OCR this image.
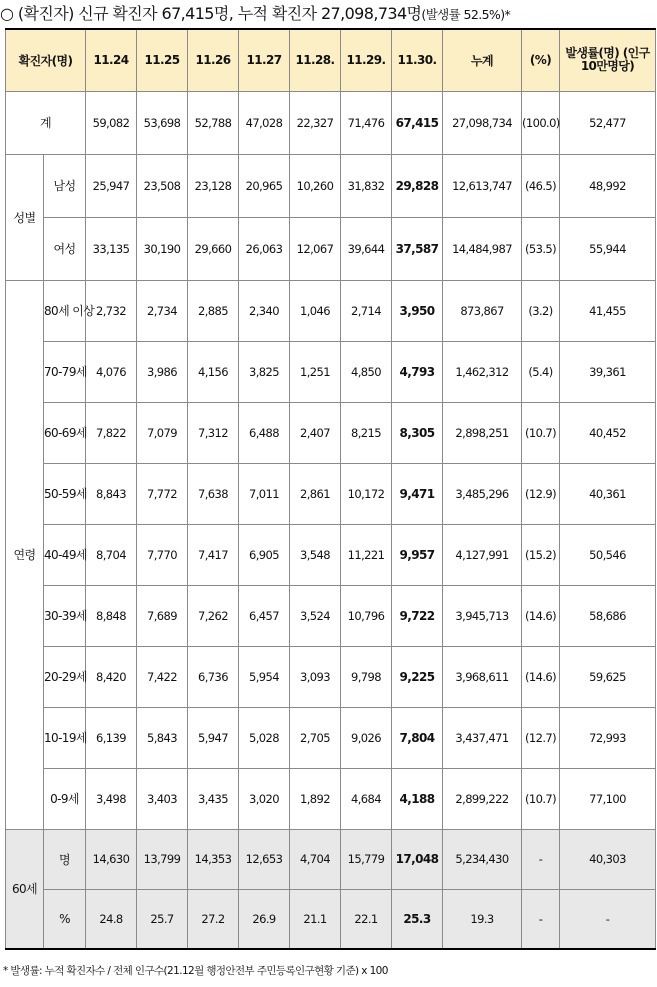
○ (확진자) 신규 확진자 67,415명, 누적 확진자 27,098,734명(발생률 52.5%)*
확진자(명)		11.24	11.25	11.26	11.27	11.28.	11.29.	11.30.	누계	(%)	발생률(명) (인구 10만명당)
계		59,082	53,698	52,788	47,028	22,327	71,476	67,415	27,098,734	(100.0)	52,477
성별	남성	25,947	23,508	23,128	20,965	10,260	31,832	29,828	12,613,747	(46.5)	48,992
	여성	33,135	30,190	29,660	26,063	12,067	39,644	37,587	14,484,987	(53.5)	55,944
연령	80세 이상	2,732	2,734	2,885	2,340	1,046	2,714	3,950	873,867	(3.2)	41,455
	70-79세	4,076	3,986	4,156	3,825	1,251	4,850	4,793	1,462,312	(5.4)	39,361
	60-69세	7,822	7,079	7,312	6,488	2,407	8,215	8,305	2,898,251	(10.7)	40,452
	50-59세	8,843	7,772	7,638	7,011	2,861	10,172	9,471	3,485,296	(12.9)	40,361
	40-49세	8,704	7,770	7,417	6,905	3,548	11,221	9,957	4,127,991	(15.2)	50,546
	30-39세	8,848	7,689	7,262	6,457	3,524	10,796	9,722	3,945,713	(14.6)	58,686
	20-29세	8,420	7,422	6,736	5,954	3,093	9,798	9,225	3,968,611	(14.6)	59,625
	10-19세	6,139	5,843	5,947	5,028	2,705	9,026	7,804	3,437,471	(12.7)	72,993
	0-9세	3,498	3,403	3,435	3,020	1,892	4,684	4,188	2,899,222	(10.7)	77,100
60세	명	14,630	13,799	14,353	12,653	4,704	15,779	17,048	5,234,430	-	40,303
	%	24.8	25.7	27.2	26.9	21.1	22.1	25.3	19.3	-	-
* 발생률: 누적 확진자수 / 전체 인구수(21.12월 행정안전부 주민등록인구현황 기준) x 100
